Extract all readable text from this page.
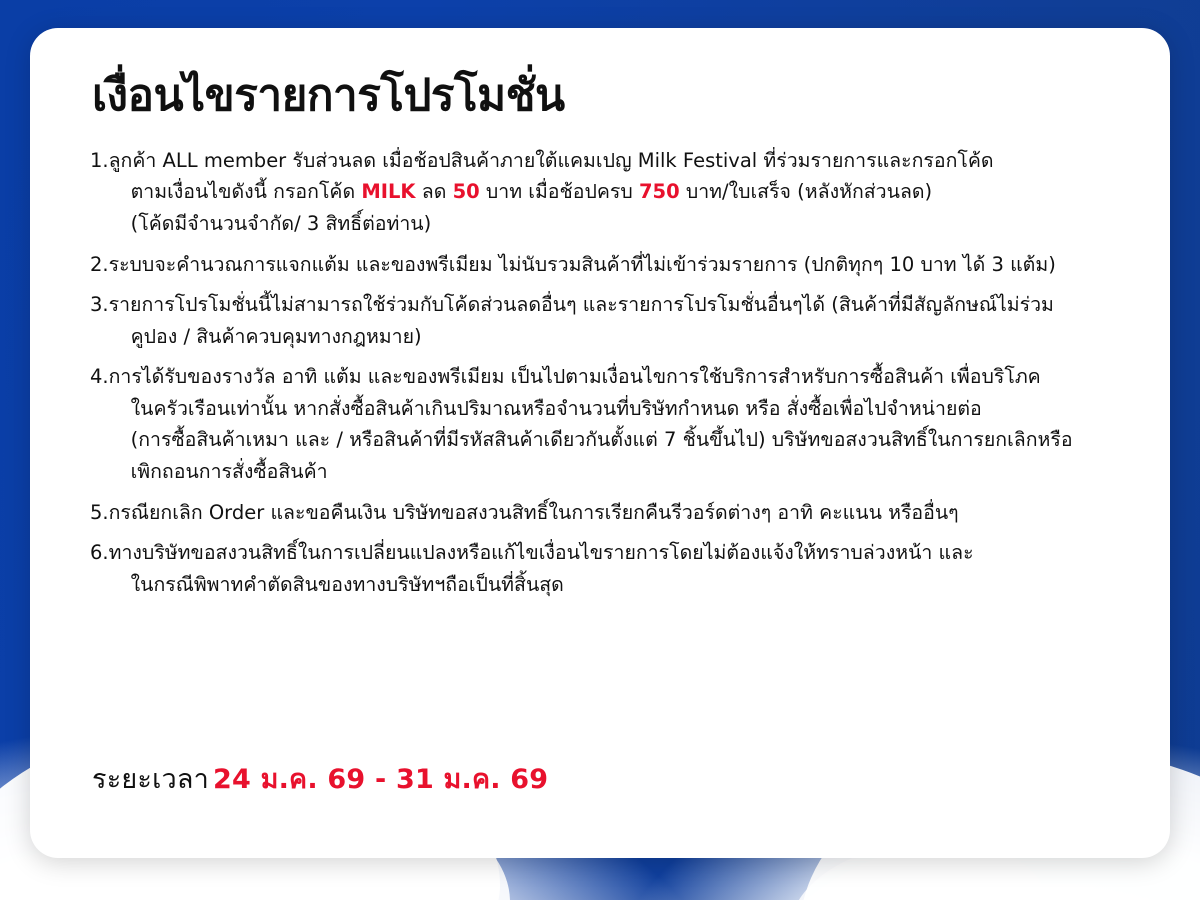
เงื่อนไขรายการโปรโมชั่น
1. ลูกค้า ALL member รับส่วนลด เมื่อช้อปสินค้าภายใต้แคมเปญ Milk Festival ที่ร่วมรายการและกรอกโค้ด
ตามเงื่อนไขดังนี้ กรอกโค้ด MILK ลด 50 บาท เมื่อช้อปครบ 750 บาท/ใบเสร็จ (หลังหักส่วนลด)
(โค้ดมีจำนวนจำกัด/ 3 สิทธิ์ต่อท่าน)
2. ระบบจะคำนวณการแจกแต้ม และของพรีเมียม ไม่นับรวมสินค้าที่ไม่เข้าร่วมรายการ (ปกติทุกๆ 10 บาท ได้ 3 แต้ม)
3. รายการโปรโมชั่นนี้ไม่สามารถใช้ร่วมกับโค้ดส่วนลดอื่นๆ และรายการโปรโมชั่นอื่นๆได้ (สินค้าที่มีสัญลักษณ์ไม่ร่วม
คูปอง / สินค้าควบคุมทางกฎหมาย)
4. การได้รับของรางวัล อาทิ แต้ม และของพรีเมียม เป็นไปตามเงื่อนไขการใช้บริการสำหรับการซื้อสินค้า เพื่อบริโภค
ในครัวเรือนเท่านั้น หากสั่งซื้อสินค้าเกินปริมาณหรือจำนวนที่บริษัทกำหนด หรือ สั่งซื้อเพื่อไปจำหน่ายต่อ
(การซื้อสินค้าเหมา และ / หรือสินค้าที่มีรหัสสินค้าเดียวกันตั้งแต่ 7 ชิ้นขึ้นไป) บริษัทขอสงวนสิทธิ์ในการยกเลิกหรือ
เพิกถอนการสั่งซื้อสินค้า
5. กรณียกเลิก Order และขอคืนเงิน บริษัทขอสงวนสิทธิ์ในการเรียกคืนรีวอร์ดต่างๆ อาทิ คะแนน หรืออื่นๆ
6. ทางบริษัทขอสงวนสิทธิ์ในการเปลี่ยนแปลงหรือแก้ไขเงื่อนไขรายการโดยไม่ต้องแจ้งให้ทราบล่วงหน้า และ
ในกรณีพิพาทคำตัดสินของทางบริษัทฯถือเป็นที่สิ้นสุด
ระยะเวลา 24 ม.ค. 69 - 31 ม.ค. 69
